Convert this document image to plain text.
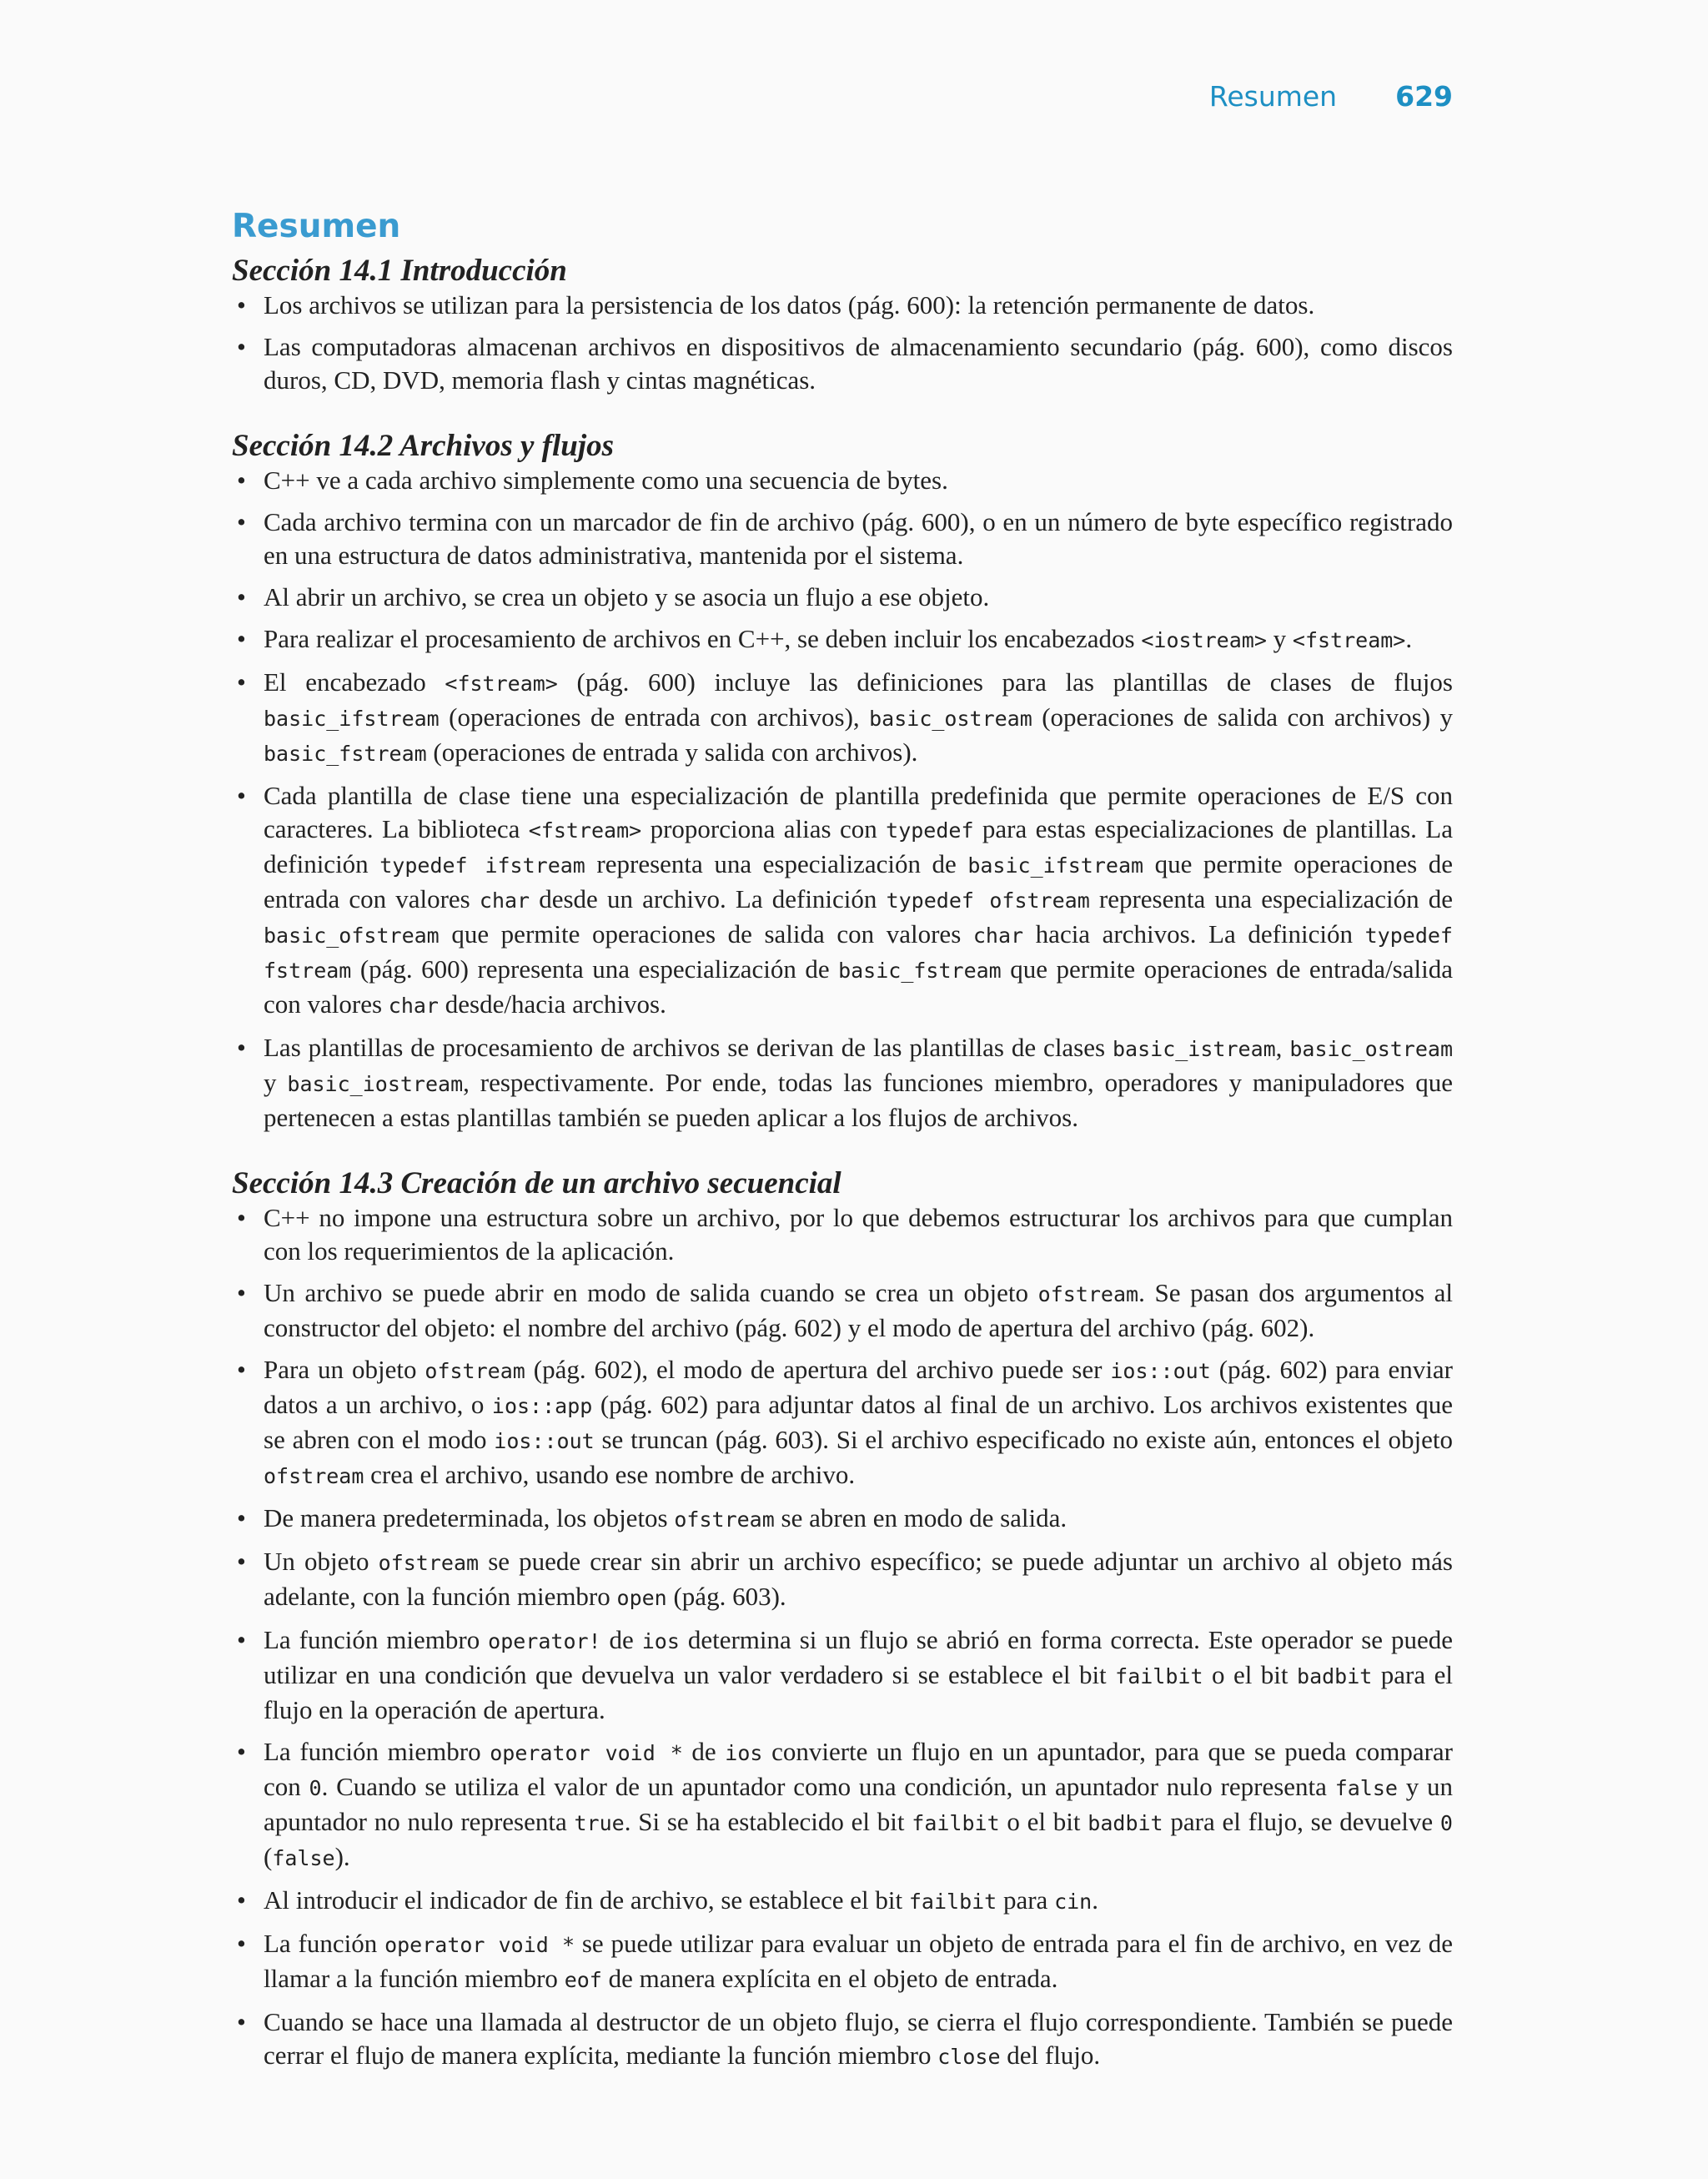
Resumen 629
Resumen
Sección 14.1 Introducción
• Los archivos se utilizan para la persistencia de los datos (pág. 600): la retención permanente de datos.
• Las computadoras almacenan archivos en dispositivos de almacenamiento secundario (pág. 600), como discos duros, CD, DVD, memoria flash y cintas magnéticas.
Sección 14.2 Archivos y flujos
• C++ ve a cada archivo simplemente como una secuencia de bytes.
• Cada archivo termina con un marcador de fin de archivo (pág. 600), o en un número de byte específico registrado en una estructura de datos administrativa, mantenida por el sistema.
• Al abrir un archivo, se crea un objeto y se asocia un flujo a ese objeto.
• Para realizar el procesamiento de archivos en C++, se deben incluir los encabezados <iostream> y <fstream>.
• El encabezado <fstream> (pág. 600) incluye las definiciones para las plantillas de clases de flujos basic_ifstream (operaciones de entrada con archivos), basic_ostream (operaciones de salida con archivos) y basic_fstream (operaciones de entrada y salida con archivos).
• Cada plantilla de clase tiene una especialización de plantilla predefinida que permite operaciones de E/S con caracteres. La biblioteca <fstream> proporciona alias con typedef para estas especializaciones de plantillas. La definición typedef ifstream representa una especialización de basic_ifstream que permite operaciones de entrada con valores char desde un archivo. La definición typedef ofstream representa una especialización de basic_ofstream que permite operaciones de salida con valores char hacia archivos. La definición typedef fstream (pág. 600) representa una especialización de basic_fstream que permite operaciones de entrada/salida con valores char desde/hacia archivos.
• Las plantillas de procesamiento de archivos se derivan de las plantillas de clases basic_istream, basic_ostream y basic_iostream, respectivamente. Por ende, todas las funciones miembro, operadores y manipuladores que pertenecen a estas plantillas también se pueden aplicar a los flujos de archivos.
Sección 14.3 Creación de un archivo secuencial
• C++ no impone una estructura sobre un archivo, por lo que debemos estructurar los archivos para que cumplan con los requerimientos de la aplicación.
• Un archivo se puede abrir en modo de salida cuando se crea un objeto ofstream. Se pasan dos argumentos al constructor del objeto: el nombre del archivo (pág. 602) y el modo de apertura del archivo (pág. 602).
• Para un objeto ofstream (pág. 602), el modo de apertura del archivo puede ser ios::out (pág. 602) para enviar datos a un archivo, o ios::app (pág. 602) para adjuntar datos al final de un archivo. Los archivos existentes que se abren con el modo ios::out se truncan (pág. 603). Si el archivo especificado no existe aún, entonces el objeto ofstream crea el archivo, usando ese nombre de archivo.
• De manera predeterminada, los objetos ofstream se abren en modo de salida.
• Un objeto ofstream se puede crear sin abrir un archivo específico; se puede adjuntar un archivo al objeto más adelante, con la función miembro open (pág. 603).
• La función miembro operator! de ios determina si un flujo se abrió en forma correcta. Este operador se puede utilizar en una condición que devuelva un valor verdadero si se establece el bit failbit o el bit badbit para el flujo en la operación de apertura.
• La función miembro operator void * de ios convierte un flujo en un apuntador, para que se pueda comparar con 0. Cuando se utiliza el valor de un apuntador como una condición, un apuntador nulo representa false y un apuntador no nulo representa true. Si se ha establecido el bit failbit o el bit badbit para el flujo, se devuelve 0 (false).
• Al introducir el indicador de fin de archivo, se establece el bit failbit para cin.
• La función operator void * se puede utilizar para evaluar un objeto de entrada para el fin de archivo, en vez de llamar a la función miembro eof de manera explícita en el objeto de entrada.
• Cuando se hace una llamada al destructor de un objeto flujo, se cierra el flujo correspondiente. También se puede cerrar el flujo de manera explícita, mediante la función miembro close del flujo.
